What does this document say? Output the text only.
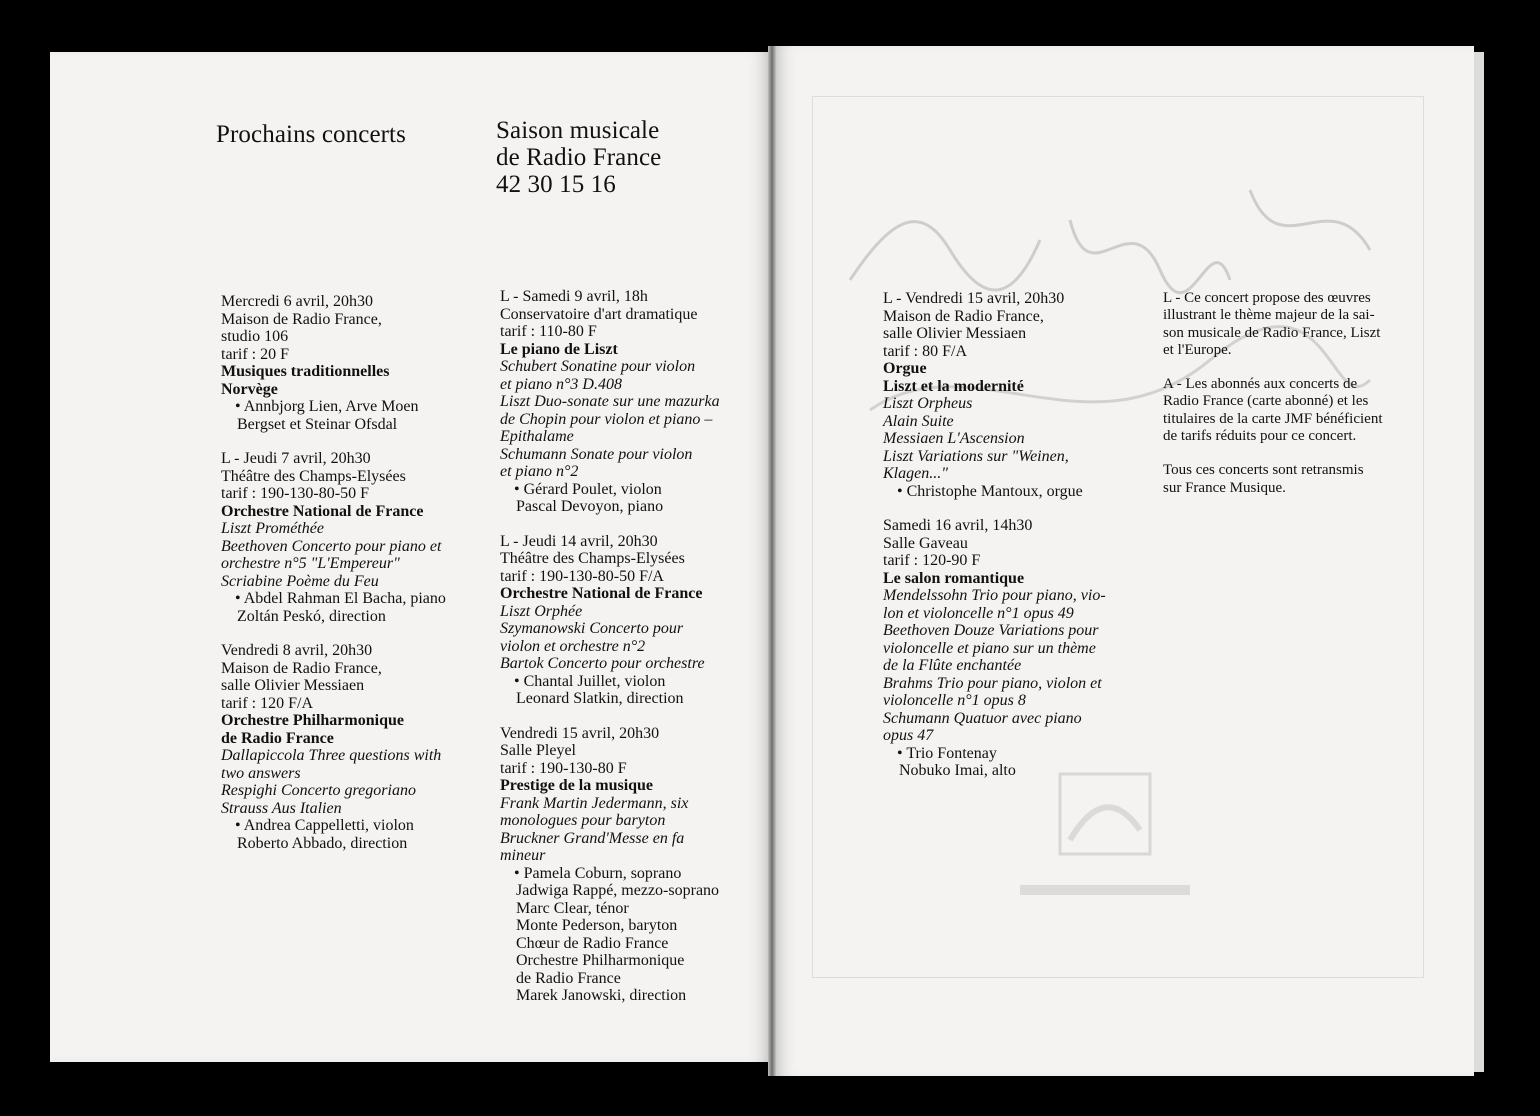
Prochains concerts	Saison musicale
de Radio France
42 30 15 16
Mercredi 6 avril, 20h30
Maison de Radio France,
studio 106
tarif : 20 F
Musiques traditionnelles
Norvège
• Annbjorg Lien, Arve Moen
Bergset et Steinar Ofsdal
L - Jeudi 7 avril, 20h30
Théâtre des Champs-Elysées
tarif : 190-130-80-50 F
Orchestre National de France
Liszt Prométhée
Beethoven Concerto pour piano et
orchestre n°5 "L'Empereur"
Scriabine Poème du Feu
• Abdel Rahman El Bacha, piano
Zoltán Peskó, direction
Vendredi 8 avril, 20h30
Maison de Radio France,
salle Olivier Messiaen
tarif : 120 F/A
Orchestre Philharmonique
de Radio France
Dallapiccola Three questions with
two answers
Respighi Concerto gregoriano
Strauss Aus Italien
• Andrea Cappelletti, violon
Roberto Abbado, direction
L - Samedi 9 avril, 18h
Conservatoire d'art dramatique
tarif : 110-80 F
Le piano de Liszt
Schubert Sonatine pour violon
et piano n°3 D.408
Liszt Duo-sonate sur une mazurka
de Chopin pour violon et piano –
Epithalame
Schumann Sonate pour violon
et piano n°2
• Gérard Poulet, violon
Pascal Devoyon, piano
L - Jeudi 14 avril, 20h30
Théâtre des Champs-Elysées
tarif : 190-130-80-50 F/A
Orchestre National de France
Liszt Orphée
Szymanowski Concerto pour
violon et orchestre n°2
Bartok Concerto pour orchestre
• Chantal Juillet, violon
Leonard Slatkin, direction
Vendredi 15 avril, 20h30
Salle Pleyel
tarif : 190-130-80 F
Prestige de la musique
Frank Martin Jedermann, six
monologues pour baryton
Bruckner Grand'Messe en fa
mineur
• Pamela Coburn, soprano
Jadwiga Rappé, mezzo-soprano
Marc Clear, ténor
Monte Pederson, baryton
Chœur de Radio France
Orchestre Philharmonique
de Radio France
Marek Janowski, direction
L - Vendredi 15 avril, 20h30
Maison de Radio France,
salle Olivier Messiaen
tarif : 80 F/A
Orgue
Liszt et la modernité
Liszt Orpheus
Alain Suite
Messiaen L'Ascension
Liszt Variations sur "Weinen,
Klagen..."
• Christophe Mantoux, orgue
Samedi 16 avril, 14h30
Salle Gaveau
tarif : 120-90 F
Le salon romantique
Mendelssohn Trio pour piano, vio-
lon et violoncelle n°1 opus 49
Beethoven Douze Variations pour
violoncelle et piano sur un thème
de la Flûte enchantée
Brahms Trio pour piano, violon et
violoncelle n°1 opus 8
Schumann Quatuor avec piano
opus 47
• Trio Fontenay
Nobuko Imai, alto
L - Ce concert propose des œuvres
illustrant le thème majeur de la sai-
son musicale de Radio France, Liszt
et l'Europe.
A - Les abonnés aux concerts de
Radio France (carte abonné) et les
titulaires de la carte JMF bénéficient
de tarifs réduits pour ce concert.
Tous ces concerts sont retransmis
sur France Musique.
